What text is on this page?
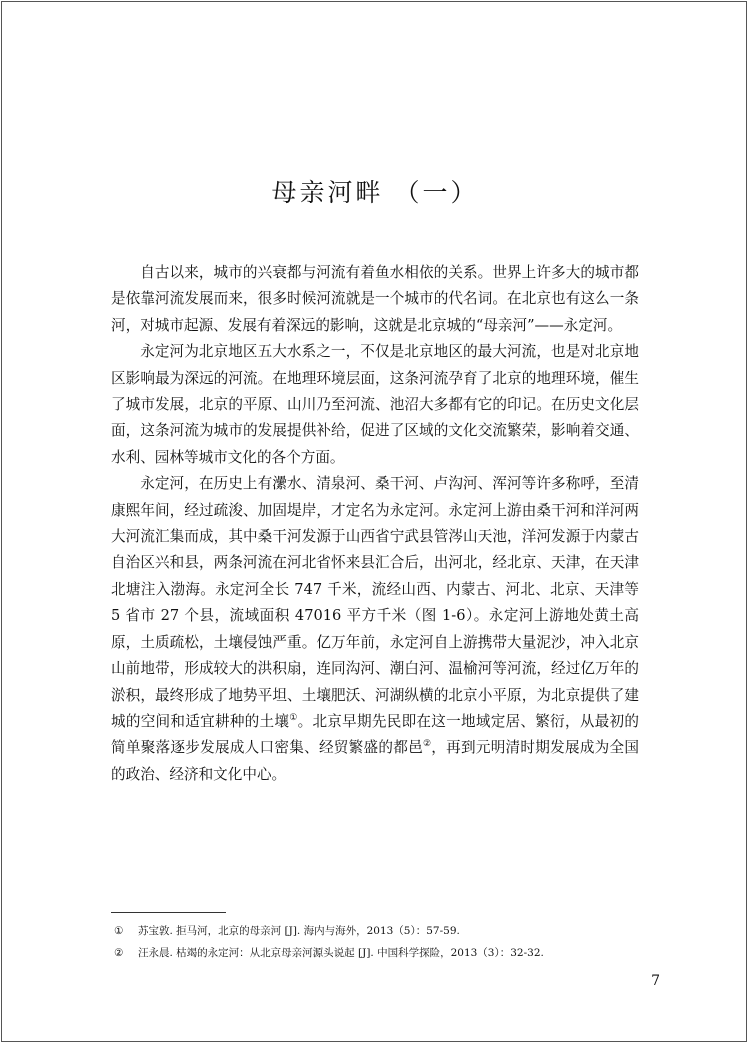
母亲河畔 （一）

自古以来，城市的兴衰都与河流有着鱼水相依的关系。世界上许多大的城市都是依靠河流发展而来，很多时候河流就是一个城市的代名词。在北京也有这么一条河，对城市起源、发展有着深远的影响，这就是北京城的“母亲河”——永定河。

永定河为北京地区五大水系之一，不仅是北京地区的最大河流，也是对北京地区影响最为深远的河流。在地理环境层面，这条河流孕育了北京的地理环境，催生了城市发展，北京的平原、山川乃至河流、池沼大多都有它的印记。在历史文化层面，这条河流为城市的发展提供补给，促进了区域的文化交流繁荣，影响着交通、水利、园林等城市文化的各个方面。

永定河，在历史上有㶟水、清泉河、桑干河、卢沟河、浑河等许多称呼，至清康熙年间，经过疏浚、加固堤岸，才定名为永定河。永定河上游由桑干河和洋河两大河流汇集而成，其中桑干河发源于山西省宁武县管涔山天池，洋河发源于内蒙古自治区兴和县，两条河流在河北省怀来县汇合后，出河北，经北京、天津，在天津北塘注入渤海。永定河全长 747 千米，流经山西、内蒙古、河北、北京、天津等 5 省市 27 个县，流域面积 47016 平方千米（图 1-6）。永定河上游地处黄土高原，土质疏松，土壤侵蚀严重。亿万年前，永定河自上游携带大量泥沙，冲入北京山前地带，形成较大的洪积扇，连同沟河、潮白河、温榆河等河流，经过亿万年的淤积，最终形成了地势平坦、土壤肥沃、河湖纵横的北京小平原，为北京提供了建城的空间和适宜耕种的土壤①。北京早期先民即在这一地域定居、繁衍，从最初的简单聚落逐步发展成人口密集、经贸繁盛的都邑②，再到元明清时期发展成为全国的政治、经济和文化中心。

① 苏宝敦. 拒马河，北京的母亲河 [J]. 海内与海外，2013（5）：57-59.
② 汪永晨. 枯竭的永定河：从北京母亲河源头说起 [J]. 中国科学探险，2013（3）：32-32.
7
